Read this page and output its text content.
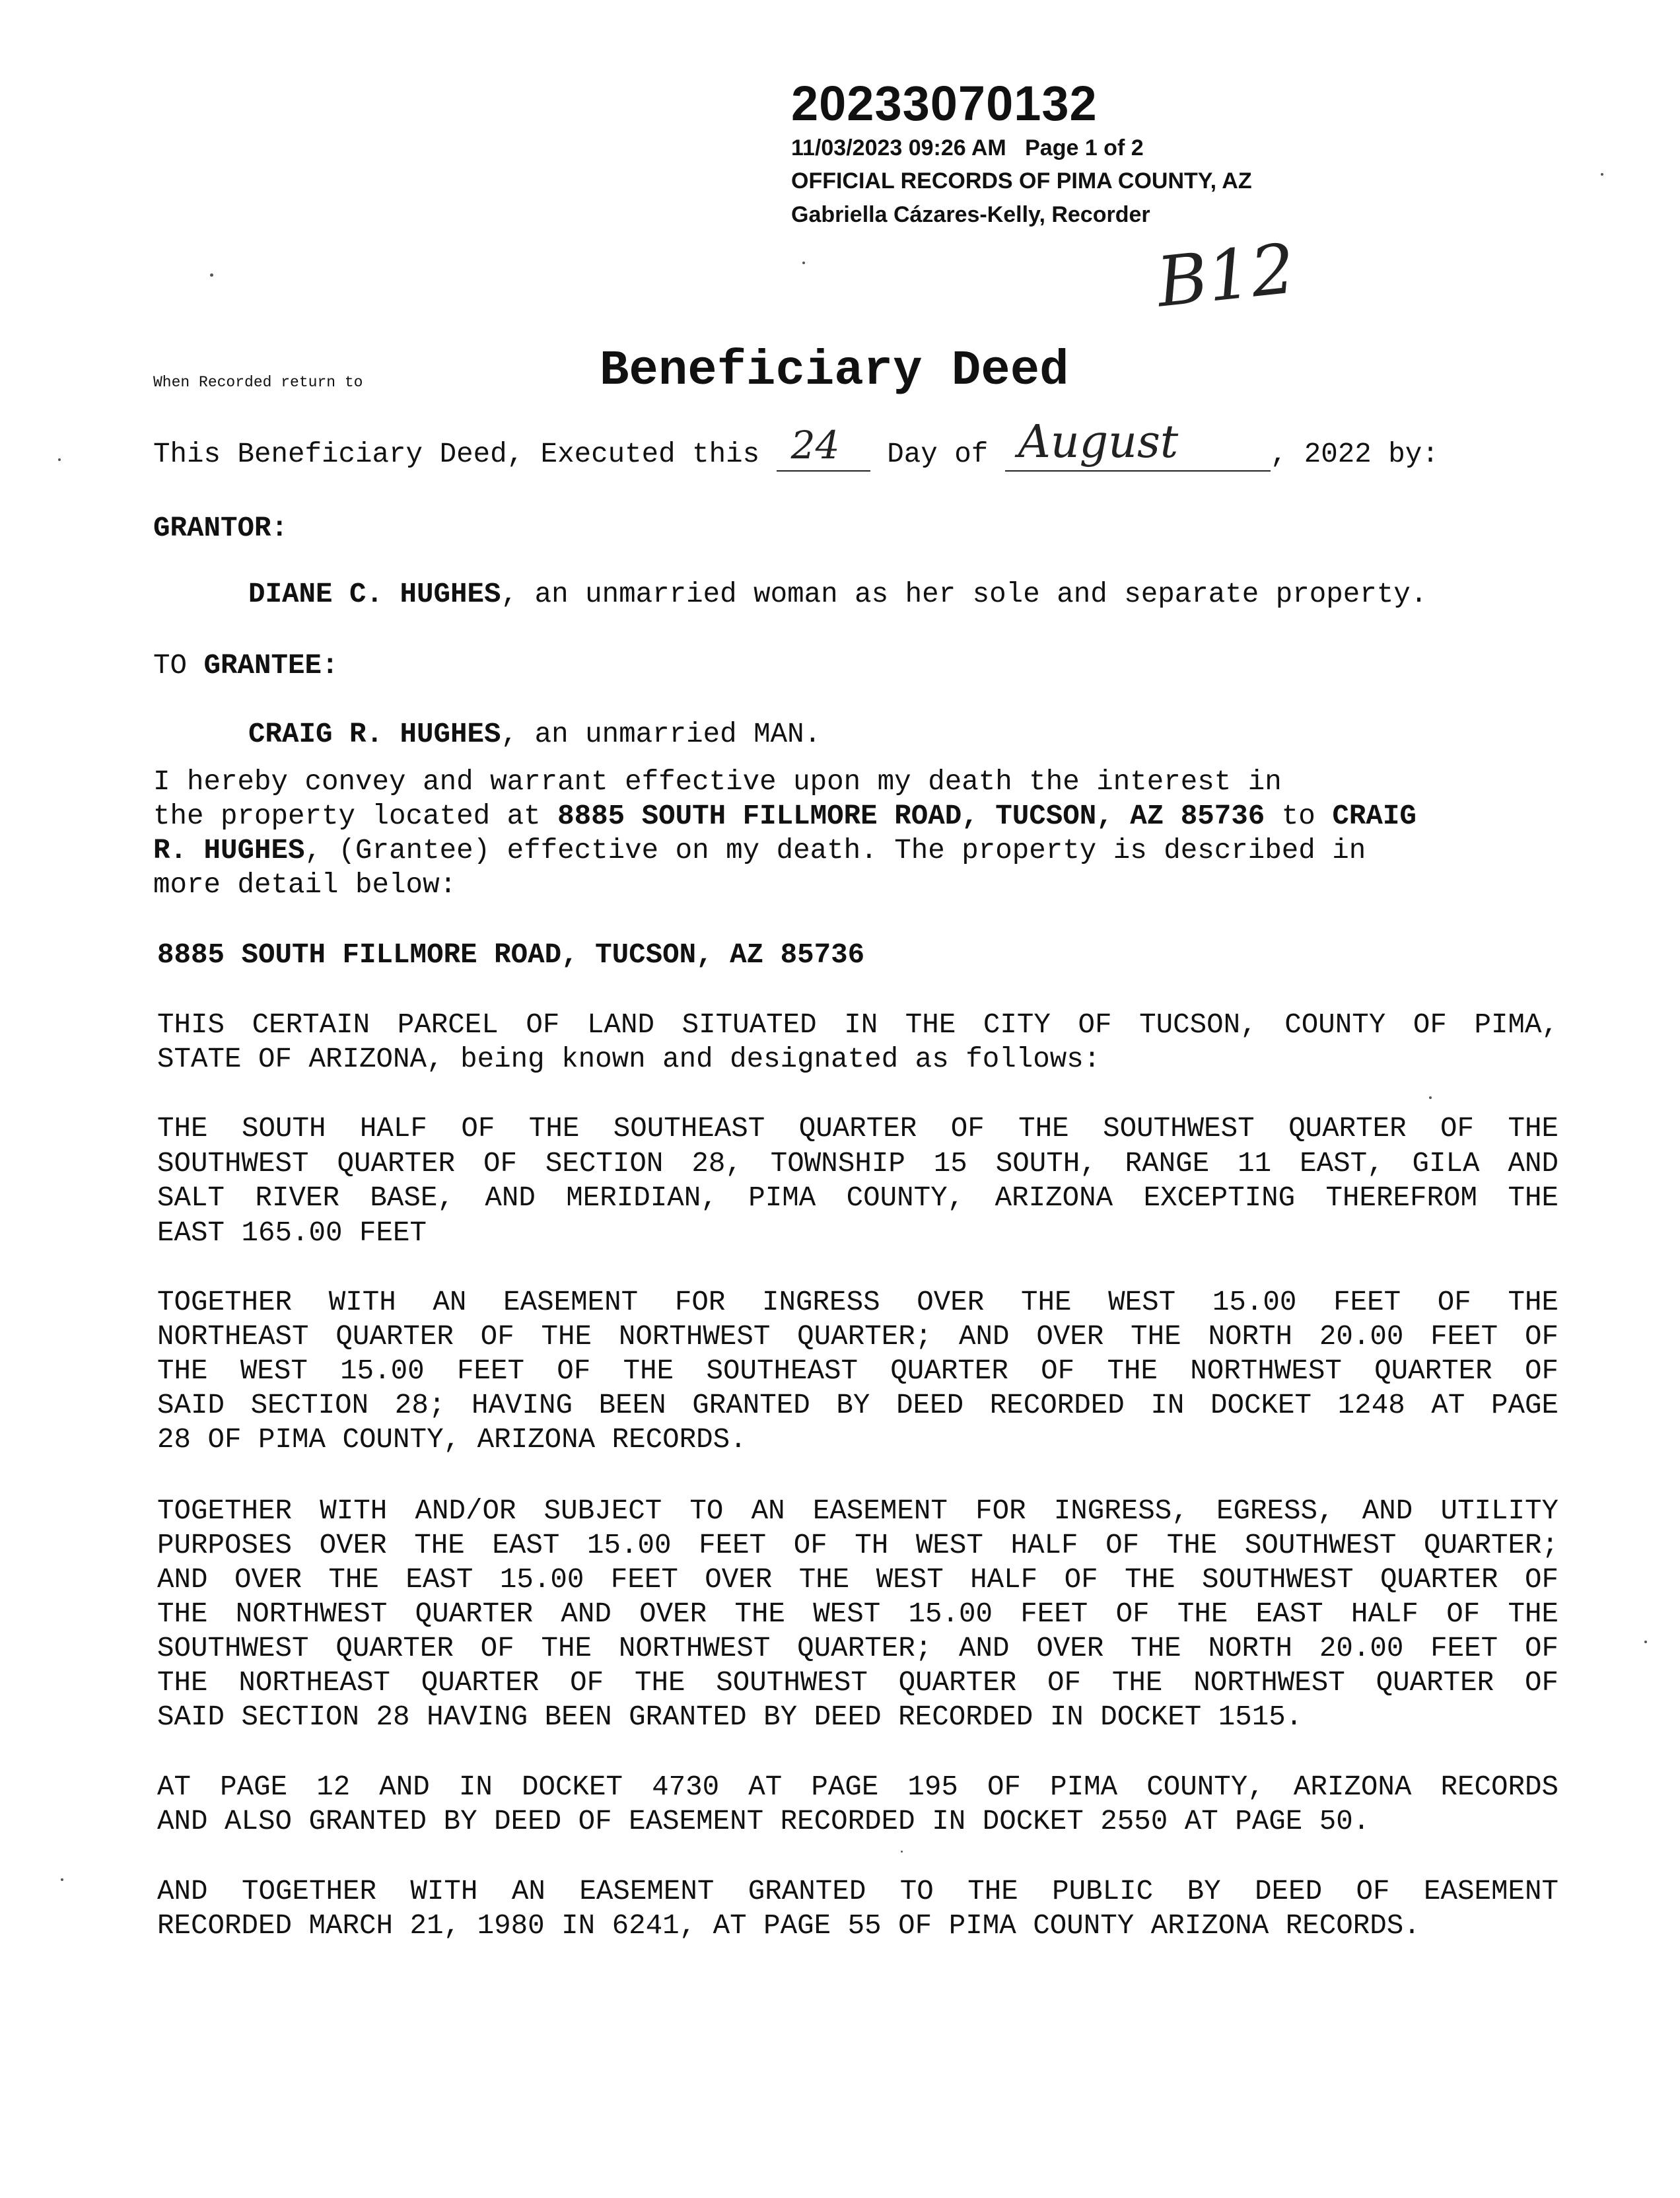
20233070132
11/03/2023 09:26 AM Page 1 of 2
OFFICIAL RECORDS OF PIMA COUNTY, AZ
Gabriella Cázares-Kelly, Recorder
B12
When Recorded return to	Beneficiary Deed
This Beneficiary Deed, Executed this 24 Day of August	, 2022 by:
GRANTOR:
DIANE C. HUGHES, an unmarried woman as her sole and separate property.
TO GRANTEE:
CRAIG R. HUGHES, an unmarried MAN.
I hereby convey and warrant effective upon my death the interest in
the property located at 8885 SOUTH FILLMORE ROAD, TUCSON, AZ 85736 to CRAIG
R. HUGHES, (Grantee) effective on my death. The property is described in
more detail below:
8885 SOUTH FILLMORE ROAD, TUCSON, AZ 85736
THIS CERTAIN PARCEL OF LAND SITUATED IN THE CITY OF TUCSON, COUNTY OF PIMA,
STATE OF ARIZONA, being known and designated as follows:
THE SOUTH HALF OF THE SOUTHEAST QUARTER OF THE SOUTHWEST QUARTER OF THE
SOUTHWEST QUARTER OF SECTION 28, TOWNSHIP 15 SOUTH, RANGE 11 EAST, GILA AND
SALT RIVER BASE, AND MERIDIAN, PIMA COUNTY, ARIZONA EXCEPTING THEREFROM THE
EAST 165.00 FEET
TOGETHER WITH AN EASEMENT FOR INGRESS OVER THE WEST 15.00 FEET OF THE
NORTHEAST QUARTER OF THE NORTHWEST QUARTER; AND OVER THE NORTH 20.00 FEET OF
THE WEST 15.00 FEET OF THE SOUTHEAST QUARTER OF THE NORTHWEST QUARTER OF
SAID SECTION 28; HAVING BEEN GRANTED BY DEED RECORDED IN DOCKET 1248 AT PAGE
28 OF PIMA COUNTY, ARIZONA RECORDS.
TOGETHER WITH AND/OR SUBJECT TO AN EASEMENT FOR INGRESS, EGRESS, AND UTILITY
PURPOSES OVER THE EAST 15.00 FEET OF TH WEST HALF OF THE SOUTHWEST QUARTER;
AND OVER THE EAST 15.00 FEET OVER THE WEST HALF OF THE SOUTHWEST QUARTER OF
THE NORTHWEST QUARTER AND OVER THE WEST 15.00 FEET OF THE EAST HALF OF THE
SOUTHWEST QUARTER OF THE NORTHWEST QUARTER; AND OVER THE NORTH 20.00 FEET OF
THE NORTHEAST QUARTER OF THE SOUTHWEST QUARTER OF THE NORTHWEST QUARTER OF
SAID SECTION 28 HAVING BEEN GRANTED BY DEED RECORDED IN DOCKET 1515.
AT PAGE 12 AND IN DOCKET 4730 AT PAGE 195 OF PIMA COUNTY, ARIZONA RECORDS
AND ALSO GRANTED BY DEED OF EASEMENT RECORDED IN DOCKET 2550 AT PAGE 50.
AND TOGETHER WITH AN EASEMENT GRANTED TO THE PUBLIC BY DEED OF EASEMENT
RECORDED MARCH 21, 1980 IN 6241, AT PAGE 55 OF PIMA COUNTY ARIZONA RECORDS.
